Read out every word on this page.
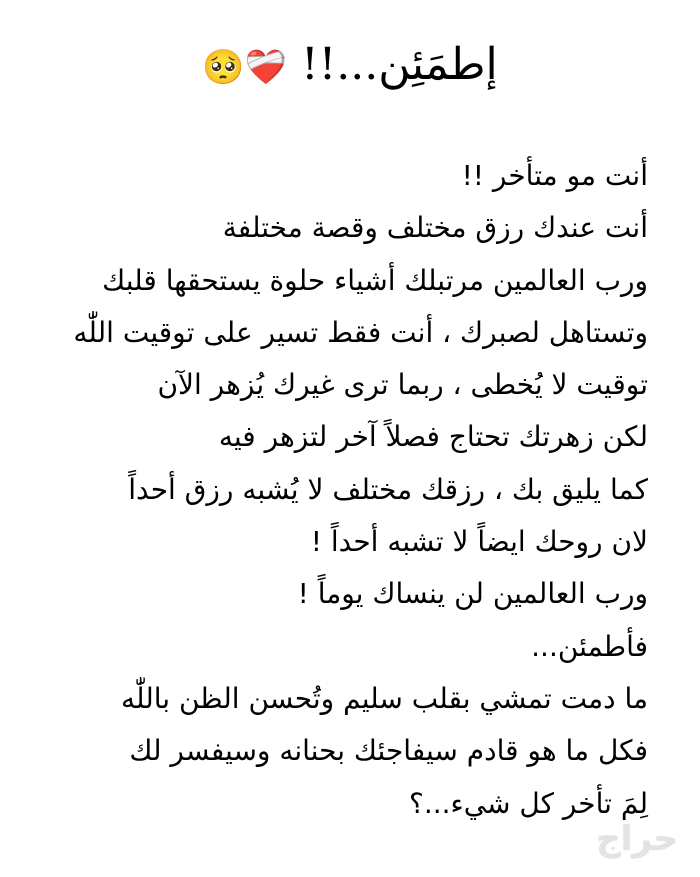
إطمَئِن...!! ❤️‍🩹🥺
أنت مو متأخر !!
أنت عندك رزق مختلف وقصة مختلفة
ورب العالمين مرتبلك أشياء حلوة يستحقها قلبك
وتستاهل لصبرك ، أنت فقط تسير على توقيت اللّٰه
توقيت لا يُخطى ، ربما ترى غيرك يُزهر الآن
لكن زهرتك تحتاج فصلاً آخر لتزهر فيه
كما يليق بك ، رزقك مختلف لا يُشبه رزق أحداً
لان روحك ايضاً لا تشبه أحداً !
ورب العالمين لن ينساك يوماً !
فأطمئن...
ما دمت تمشي بقلب سليم وتُحسن الظن باللّٰه
فكل ما هو قادم سيفاجئك بحنانه وسيفسر لك
لِمَ تأخر كل شيء...؟
حراج
